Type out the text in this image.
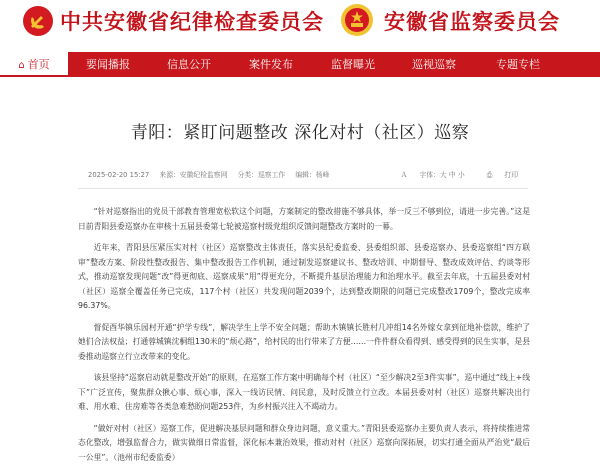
中共安徽省纪律检查委员会	安徽省监察委员会
⌂ 首页	要闻播报	信息公开	案件发布	监督曝光	巡视巡察	专题专栏
青阳：紧盯问题整改 深化对村（社区）巡察
2025-02-20 15:27 来源：安徽纪检监察网 分类：巡察工作 编辑：杨峰	Ａ 字体：大 中 小	⎙ 打印

“针对巡察指出的党员干部教育管理宽松软这个问题，方案制定的整改措施不够具体，举一反三不够到位，请进一步完善。”这是日前青阳县委巡察办在审核十五届县委第七轮被巡察村级党组织反馈问题整改方案时的一幕。

近年来，青阳县压紧压实对村（社区）巡察整改主体责任，落实县纪委监委、县委组织部、县委巡察办、县委巡察组“四方联审”整改方案、阶段性整改报告、集中整改报告工作机制，通过制发巡察建议书、整改培训、中期督导、整改成效评估、约谈等形式，推动巡察发现问题“改”得更彻底、巡察成果“用”得更充分，不断提升基层治理能力和治理水平。截至去年底，十五届县委对村（社区）巡察全覆盖任务已完成，117个村（社区）共发现问题2039个，达到整改期限的问题已完成整改1709个，整改完成率96.37%。

督促酉华镇乐园村开通“护学专线”，解决学生上学不安全问题；帮助木镇镇长胜村几冲组14名外嫁女拿到征地补偿款，维护了她们合法权益；打通蓉城镇沈桐组130米的“烦心路”，给村民的出行带来了方便……一件件群众看得到、感受得到的民生实事，是县委推动巡察立行立改带来的变化。

该县坚持“巡察启动就是整改开始”的原则，在巡察工作方案中明确每个村（社区）“至少解决2至3件实事”，巡中通过“线上+线下”广泛宣传，聚焦群众揪心事、烦心事，深入一线访民情、问民意，及时反馈立行立改。本届县委对村（社区）巡察共解决出行难、用水难、住房难等各类急难愁盼问题253件，为乡村振兴注入不竭动力。

“做好对村（社区）巡察工作，促进解决基层问题和群众身边问题，意义重大。”青阳县委巡察办主要负责人表示，将持续推进常态化整改，增强监督合力，做实做细日常监督，深化标本兼治效果，推动对村（社区）巡察向深拓展，切实打通全面从严治党“最后一公里”。（池州市纪委监委）
